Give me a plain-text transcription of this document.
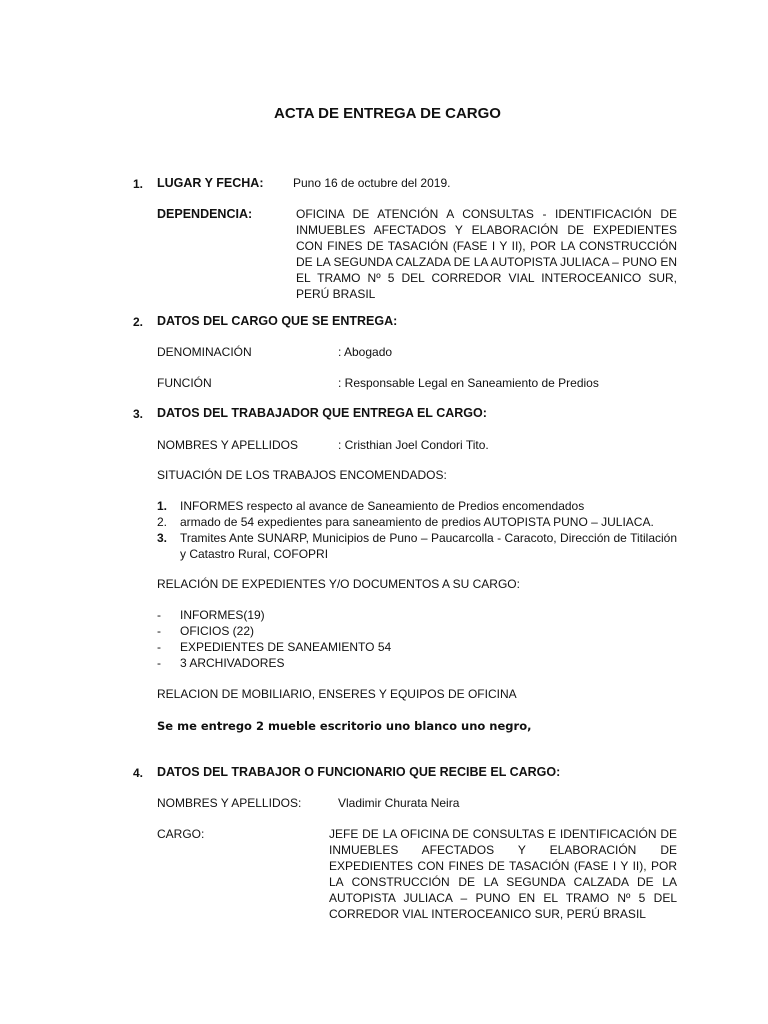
ACTA DE ENTREGA DE CARGO
1. LUGAR Y FECHA: Puno 16 de octubre del 2019.
DEPENDENCIA:	OFICINA DE ATENCIÓN A CONSULTAS - IDENTIFICACIÓN DE INMUEBLES AFECTADOS Y ELABORACIÓN DE EXPEDIENTES CON FINES DE TASACIÓN (FASE I Y II), POR LA CONSTRUCCIÓN DE LA SEGUNDA CALZADA DE LA AUTOPISTA JULIACA – PUNO EN EL TRAMO Nº 5 DEL CORREDOR VIAL INTEROCEANICO SUR, PERÚ BRASIL
2. DATOS DEL CARGO QUE SE ENTREGA:
DENOMINACIÓN	: Abogado
FUNCIÓN	: Responsable Legal en Saneamiento de Predios
3. DATOS DEL TRABAJADOR QUE ENTREGA EL CARGO:
NOMBRES Y APELLIDOS	: Cristhian Joel Condori Tito.
SITUACIÓN DE LOS TRABAJOS ENCOMENDADOS:
1. INFORMES respecto al avance de Saneamiento de Predios encomendados
2. armado de 54 expedientes para saneamiento de predios AUTOPISTA PUNO – JULIACA.
3. Tramites Ante SUNARP, Municipios de Puno – Paucarcolla - Caracoto, Dirección de Titilación y Catastro Rural, COFOPRI
RELACIÓN DE EXPEDIENTES Y/O DOCUMENTOS A SU CARGO:
- INFORMES(19)
- OFICIOS (22)
- EXPEDIENTES DE SANEAMIENTO 54
- 3 ARCHIVADORES
RELACION DE MOBILIARIO, ENSERES Y EQUIPOS DE OFICINA
Se me entrego 2 mueble escritorio uno blanco uno negro,
4. DATOS DEL TRABAJOR O FUNCIONARIO QUE RECIBE EL CARGO:
NOMBRES Y APELLIDOS:	Vladimir Churata Neira
CARGO:	JEFE DE LA OFICINA DE CONSULTAS E IDENTIFICACIÓN DE INMUEBLES AFECTADOS Y ELABORACIÓN DE EXPEDIENTES CON FINES DE TASACIÓN (FASE I Y II), POR LA CONSTRUCCIÓN DE LA SEGUNDA CALZADA DE LA AUTOPISTA JULIACA – PUNO EN EL TRAMO Nº 5 DEL CORREDOR VIAL INTEROCEANICO SUR, PERÚ BRASIL
